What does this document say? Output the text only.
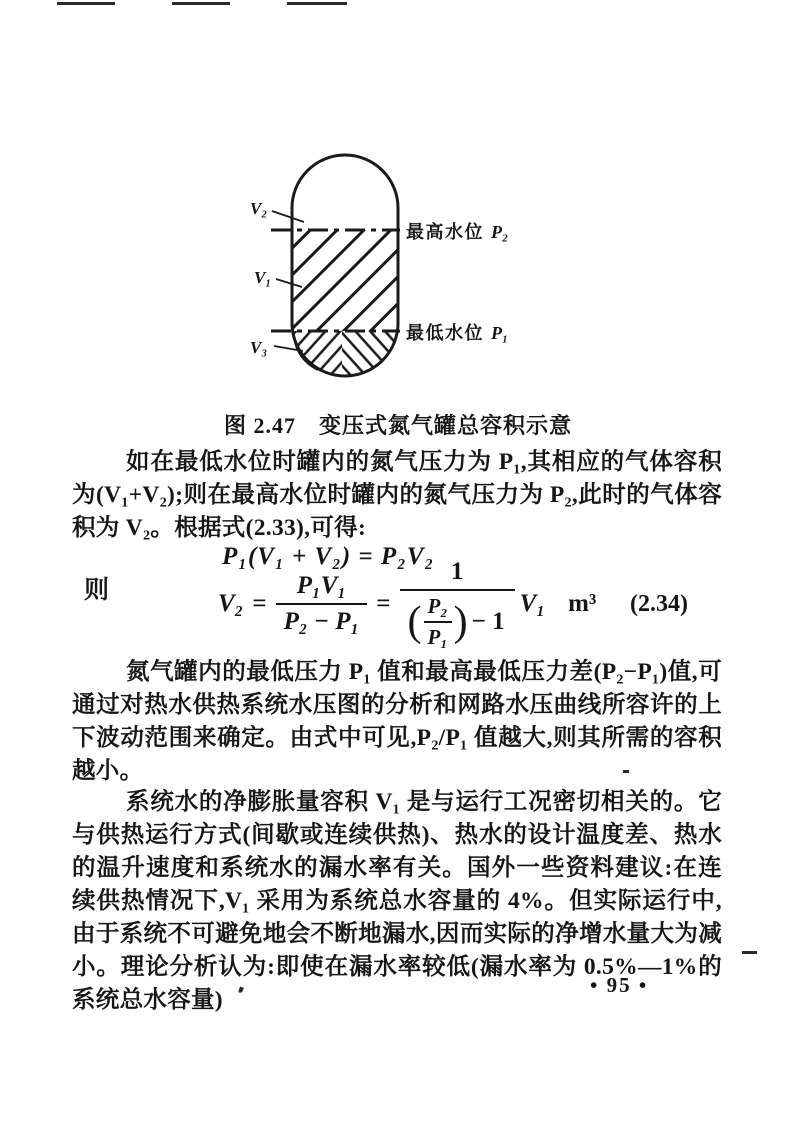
V₂
V₁
V₃
最高水位 P₂
最低水位 P₁
图 2.47　变压式氮气罐总容积示意
如在最低水位时罐内的氮气压力为 P₁,其相应的气体容积为(V₁+V₂);则在最高水位时罐内的氮气压力为 P₂,此时的气体容积为 V₂。根据式(2.33),可得:
P₁(V₁ + V₂) = P₂V₂
则	$V_2 = \frac{\text{P₁V₁}}{\text{P₂ − P₁}}$ =
1
( $\frac{\text{P₂}}{\text{P₁}}$ ) − 1
V₁ m³ (2.34)
氮气罐内的最低压力 P₁ 值和最高最低压力差(P₂−P₁)值,可通过对热水供热系统水压图的分析和网路水压曲线所容许的上下波动范围来确定。由式中可见,P₂/P₁ 值越大,则其所需的容积越小。
系统水的净膨胀量容积 V₁ 是与运行工况密切相关的。它与供热运行方式(间歇或连续供热)、热水的设计温度差、热水的温升速度和系统水的漏水率有关。国外一些资料建议:在连续供热情况下,V₁ 采用为系统总水容量的 4%。但实际运行中,由于系统不可避免地会不断地漏水,因而实际的净增水量大为减小。理论分析认为:即使在漏水率较低(漏水率为 0.5%—1%的系统总水容量)
• 95 •
